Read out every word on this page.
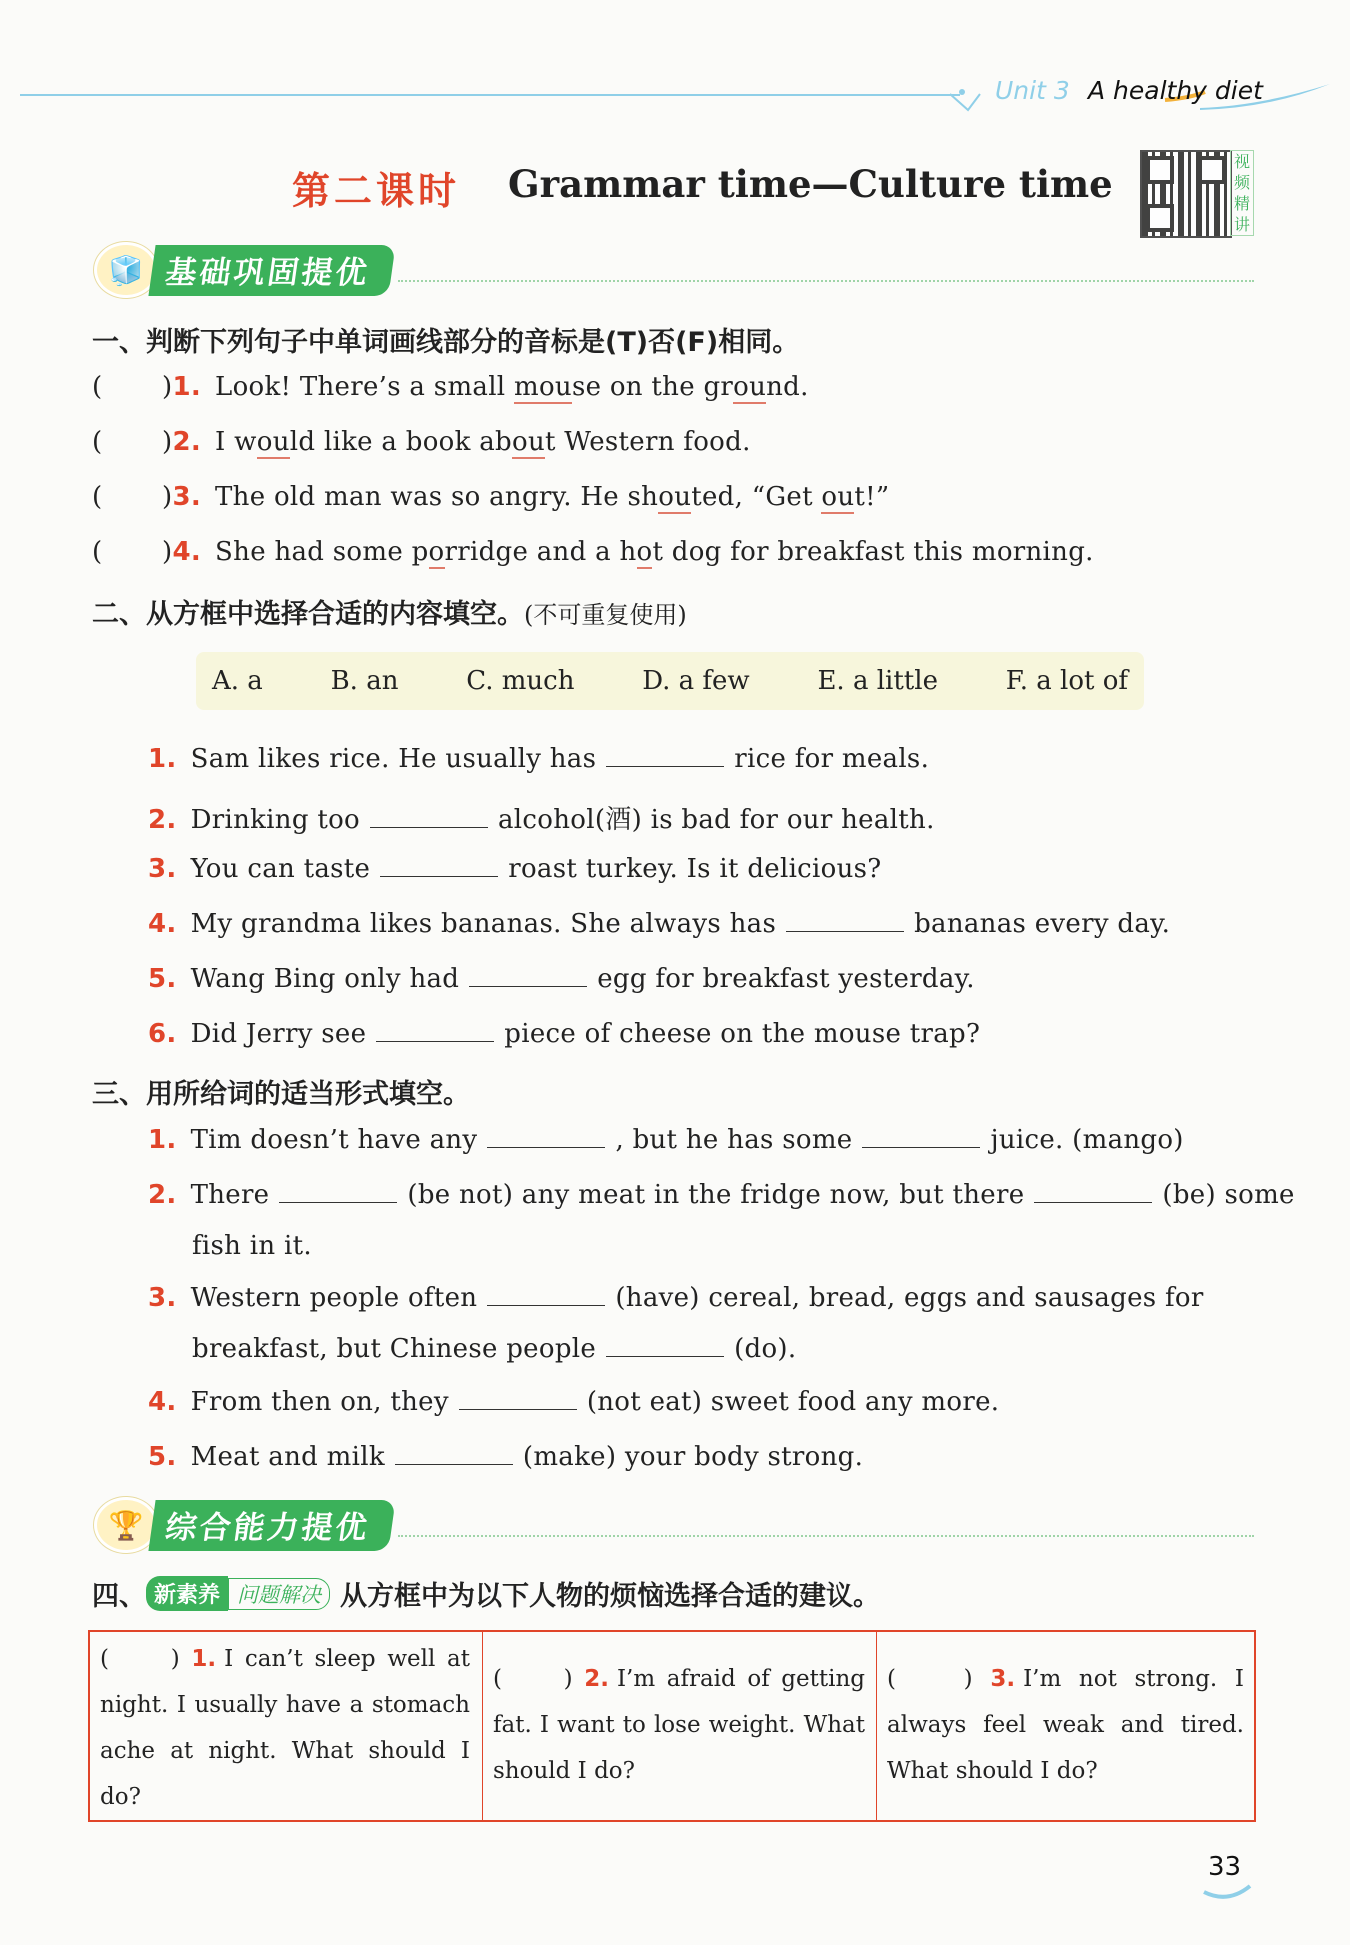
Unit 3 A healthy diet
第二课时 Grammar time—Culture time
视频精讲
🧊 基础巩固提优
一、判断下列句子中单词画线部分的音标是(T)否(F)相同。
( )1. Look! There’s a small mouse on the ground.
( )2. I would like a book about Western food.
( )3. The old man was so angry. He shouted, “Get out!”
( )4. She had some porridge and a hot dog for breakfast this morning.
二、从方框中选择合适的内容填空。(不可重复使用)
A. a	B. an	C. much	D. a few	E. a little	F. a lot of
1. Sam likes rice. He usually has	rice for meals.
2. Drinking too	alcohol(酒) is bad for our health.
3. You can taste	roast turkey. Is it delicious?
4. My grandma likes bananas. She always has	bananas every day.
5. Wang Bing only had	egg for breakfast yesterday.
6. Did Jerry see	piece of cheese on the mouse trap?
三、用所给词的适当形式填空。
1. Tim doesn’t have any	, but he has some	juice. (mango)
2. There	(be not) any meat in the fridge now, but there	(be) some
fish in it.
3. Western people often	(have) cereal, bread, eggs and sausages for
breakfast, but Chinese people	(do).
4. From then on, they	(not eat) sweet food any more.
5. Meat and milk	(make) your body strong.
🏆 综合能力提优
四、 新素养 问题解决 从方框中为以下人物的烦恼选择合适的建议。
(	) 1. I can’t sleep well at night. I usually have a stomach ache at night. What should I do?
(	) 2. I’m afraid of getting fat. I want to lose weight. What should I do?
(	) 3. I’m not strong. I always feel weak and tired. What should I do?
33
